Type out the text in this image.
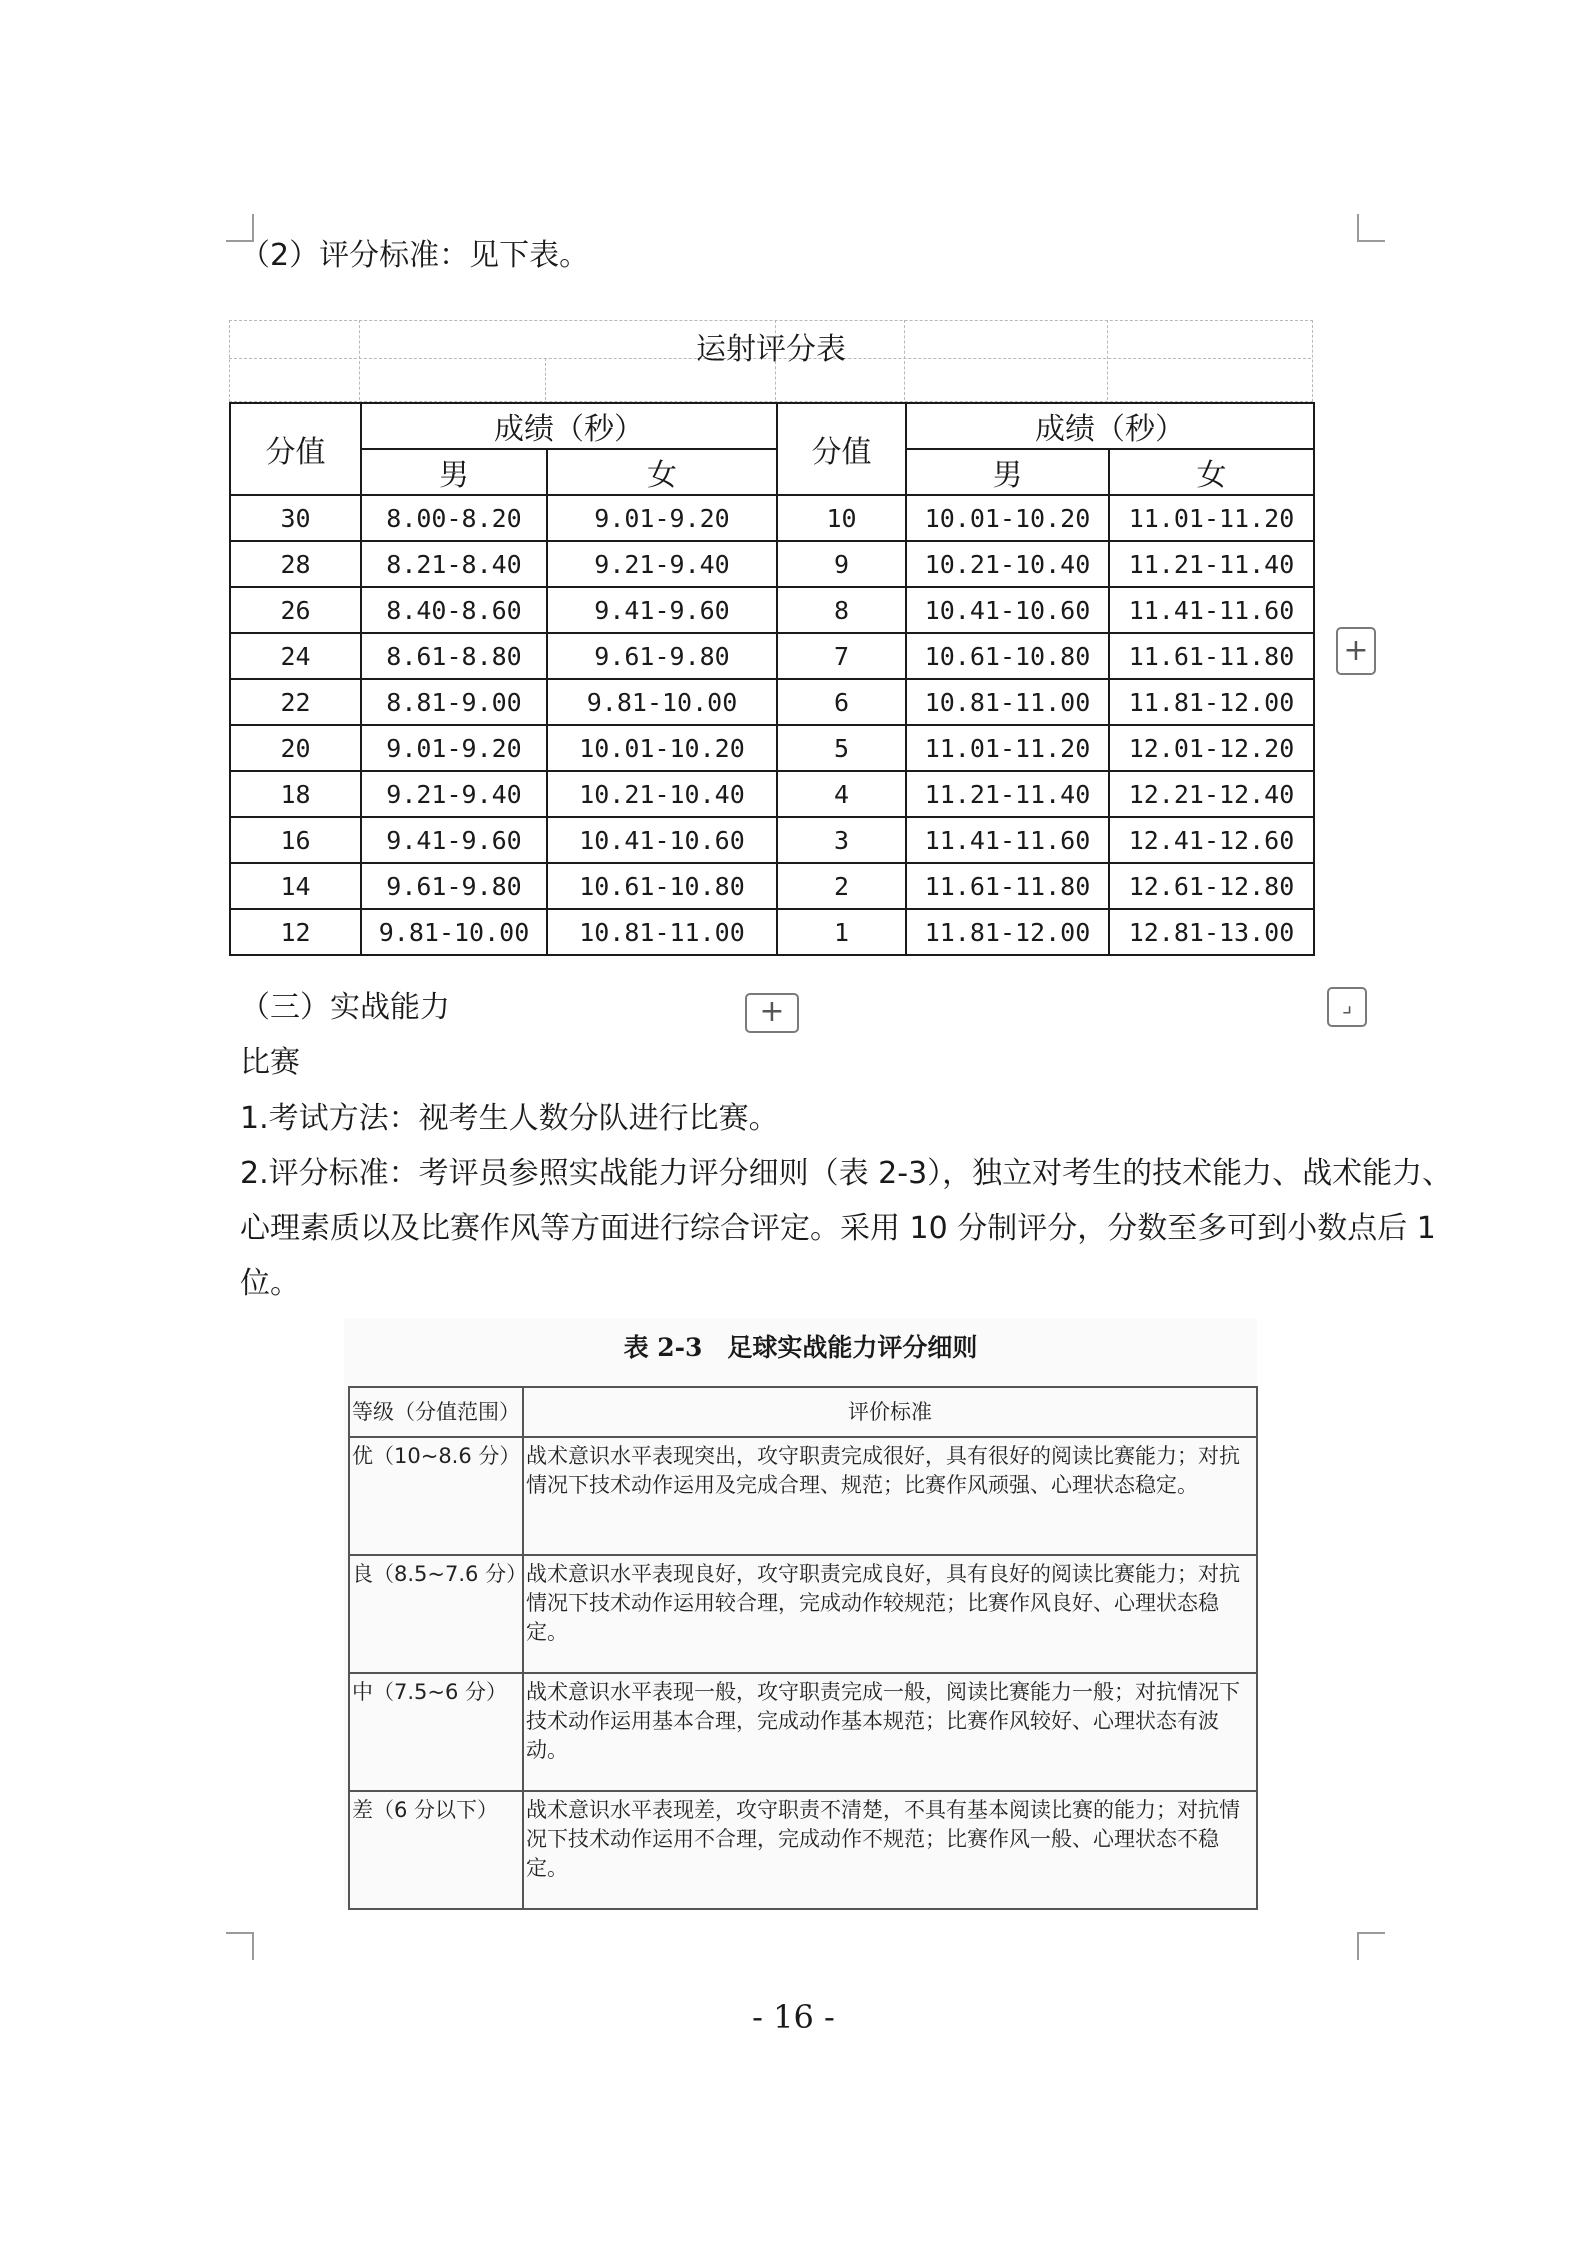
（2）评分标准：见下表。
运射评分表
分值	成绩（秒）		分值	成绩（秒）	
	男	女		男	女
30	8.00-8.20	9.01-9.20	10	10.01-10.20	11.01-11.20
28	8.21-8.40	9.21-9.40	9	10.21-10.40	11.21-11.40
26	8.40-8.60	9.41-9.60	8	10.41-10.60	11.41-11.60
24	8.61-8.80	9.61-9.80	7	10.61-10.80	11.61-11.80
22	8.81-9.00	9.81-10.00	6	10.81-11.00	11.81-12.00
20	9.01-9.20	10.01-10.20	5	11.01-11.20	12.01-12.20
18	9.21-9.40	10.21-10.40	4	11.21-11.40	12.21-12.40
16	9.41-9.60	10.41-10.60	3	11.41-11.60	12.41-12.60
14	9.61-9.80	10.61-10.80	2	11.61-11.80	12.61-12.80
12	9.81-10.00	10.81-11.00	1	11.81-12.00	12.81-13.00
+
+	⌟
（三）实战能力
比赛
1.考试方法：视考生人数分队进行比赛。
2.评分标准：考评员参照实战能力评分细则（表 2-3），独立对考生的技术能力、战术能力、
心理素质以及比赛作风等方面进行综合评定。采用 10 分制评分，分数至多可到小数点后 1
位。
表 2-3　足球实战能力评分细则
等级（分值范围）	评价标准
优（10~8.6 分）	战术意识水平表现突出，攻守职责完成很好，具有很好的阅读比赛能力；对抗情况下技术动作运用及完成合理、规范；比赛作风顽强、心理状态稳定。
良（8.5~7.6 分）	战术意识水平表现良好，攻守职责完成良好，具有良好的阅读比赛能力；对抗情况下技术动作运用较合理，完成动作较规范；比赛作风良好、心理状态稳定。
中（7.5~6 分）	战术意识水平表现一般，攻守职责完成一般，阅读比赛能力一般；对抗情况下技术动作运用基本合理，完成动作基本规范；比赛作风较好、心理状态有波动。
差（6 分以下）	战术意识水平表现差，攻守职责不清楚，不具有基本阅读比赛的能力；对抗情况下技术动作运用不合理，完成动作不规范；比赛作风一般、心理状态不稳定。
- 16 -
